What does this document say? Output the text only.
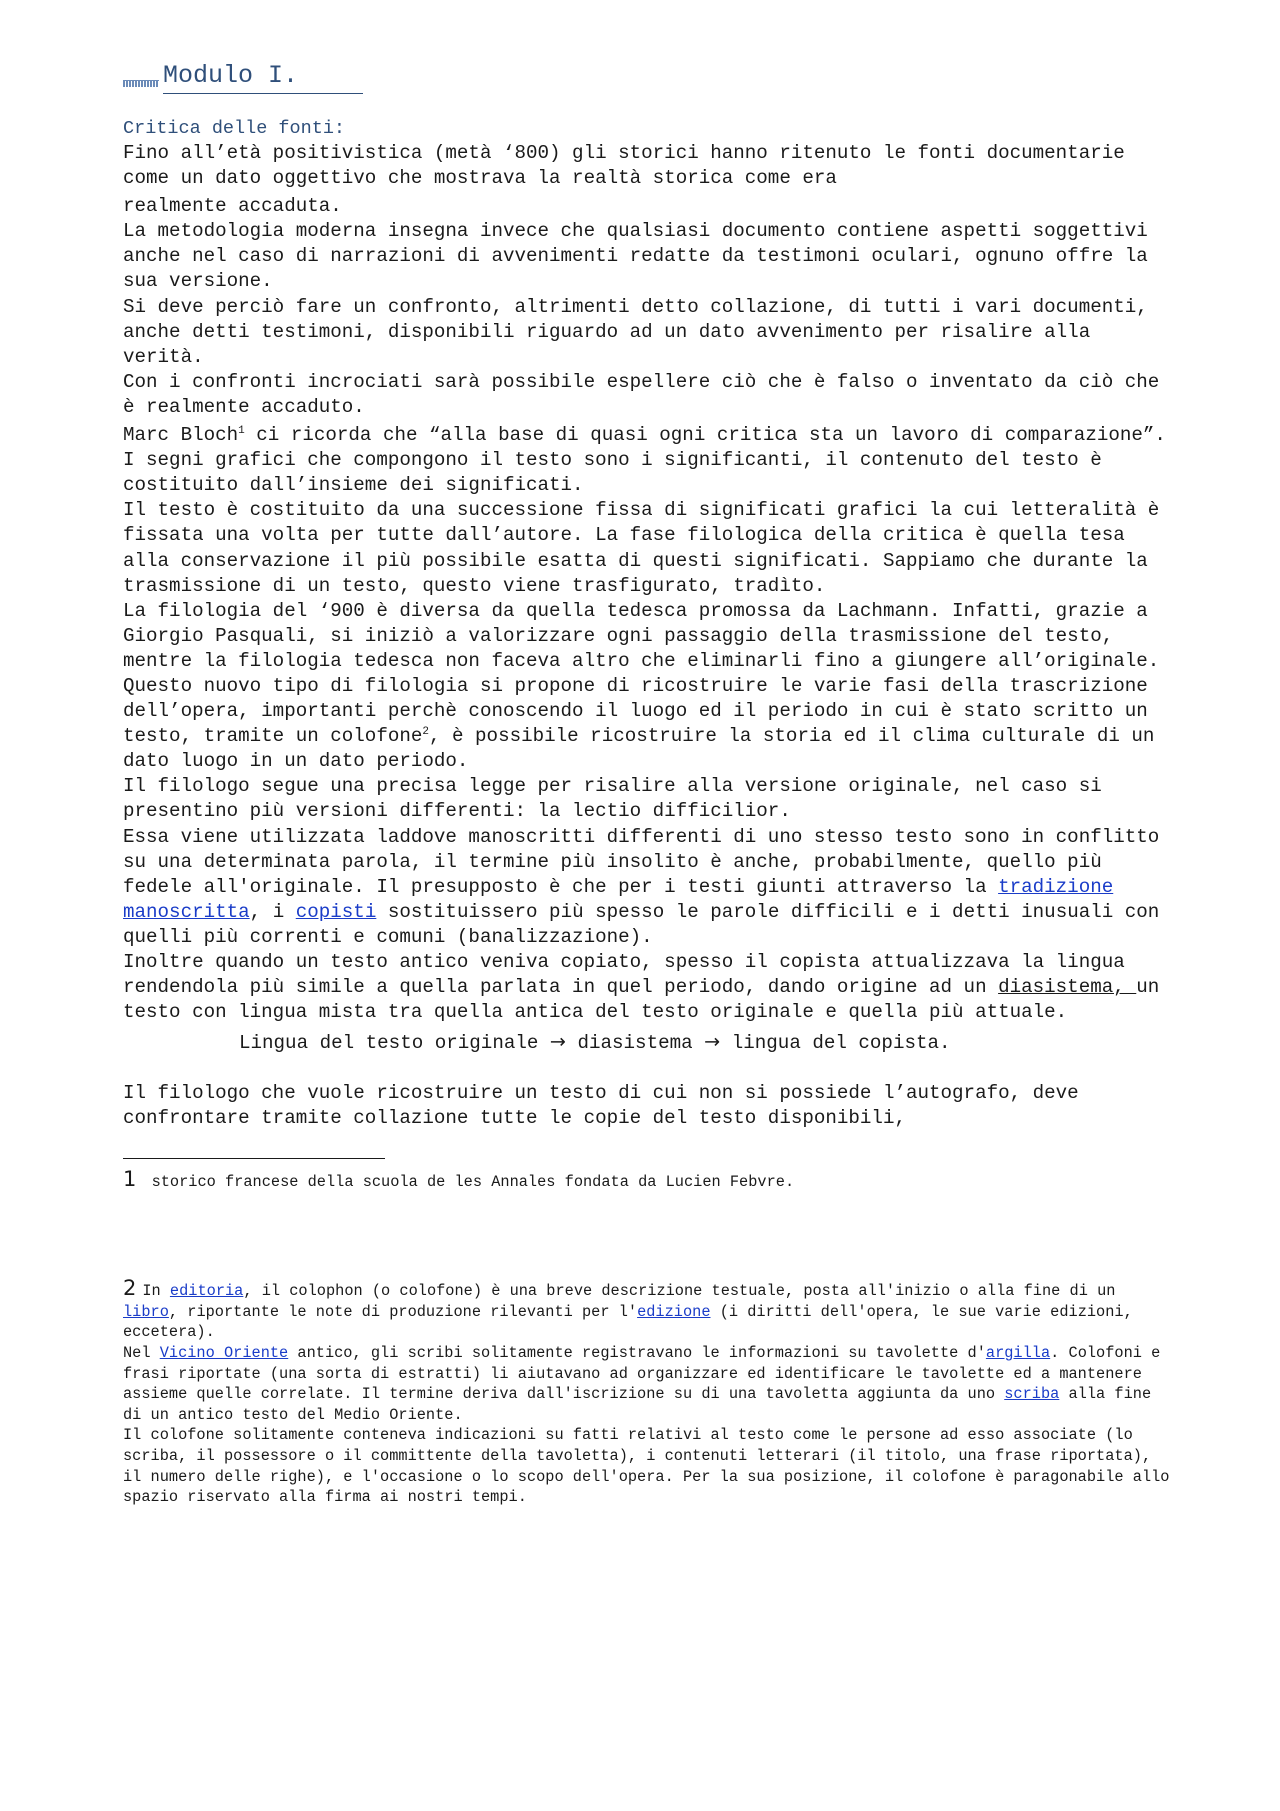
Modulo I.
Critica delle fonti:

Fino all’età positivistica (metà ‘800) gli storici hanno ritenuto le fonti documentarie come un dato oggettivo che mostrava la realtà storica come era

realmente accaduta.

La metodologia moderna insegna invece che qualsiasi documento contiene aspetti soggettivi anche nel caso di narrazioni di avvenimenti redatte da testimoni oculari, ognuno offre la sua versione.

Si deve perciò fare un confronto, altrimenti detto collazione, di tutti i vari documenti, anche detti testimoni, disponibili riguardo ad un dato avvenimento per risalire alla verità.

Con i confronti incrociati sarà possibile espellere ciò che è falso o inventato da ciò che è realmente accaduto.

Marc Bloch$^1$ ci ricorda che “alla base di quasi ogni critica sta un lavoro di comparazione”.

I segni grafici che compongono il testo sono i significanti, il contenuto del testo è costituito dall’insieme dei significati.

Il testo è costituito da una successione fissa di significati grafici la cui letteralità è fissata una volta per tutte dall’autore. La fase filologica della critica è quella tesa alla conservazione il più possibile esatta di questi significati. Sappiamo che durante la trasmissione di un testo, questo viene trasfigurato, tradìto.

La filologia del ‘900 è diversa da quella tedesca promossa da Lachmann. Infatti, grazie a Giorgio Pasquali, si iniziò a valorizzare ogni passaggio della trasmissione del testo, mentre la filologia tedesca non faceva altro che eliminarli fino a giungere all’originale. Questo nuovo tipo di filologia si propone di ricostruire le varie fasi della trascrizione dell’opera, importanti perchè conoscendo il luogo ed il periodo in cui è stato scritto un testo, tramite un colofone$^2$, è possibile ricostruire la storia ed il clima culturale di un dato luogo in un dato periodo.

Il filologo segue una precisa legge per risalire alla versione originale, nel caso si presentino più versioni differenti: la lectio difficilior.

Essa viene utilizzata laddove manoscritti differenti di uno stesso testo sono in conflitto su una determinata parola, il termine più insolito è anche, probabilmente, quello più fedele all'originale. Il presupposto è che per i testi giunti attraverso la tradizione manoscritta, i copisti sostituissero più spesso le parole difficili e i detti inusuali con quelli più correnti e comuni (banalizzazione).

Inoltre quando un testo antico veniva copiato, spesso il copista attualizzava la lingua rendendola più simile a quella parlata in quel periodo, dando origine ad un diasistema, un testo con lingua mista tra quella antica del testo originale e quella più attuale.

Lingua del testo originale → diasistema → lingua del copista.

Il filologo che vuole ricostruire un testo di cui non si possiede l’autografo, deve confrontare tramite collazione tutte le copie del testo disponibili,

1 storico francese della scuola de les Annales fondata da Lucien Febvre.

2 In editoria, il colophon (o colofone) è una breve descrizione testuale, posta all'inizio o alla fine di un libro, riportante le note di produzione rilevanti per l'edizione (i diritti dell'opera, le sue varie edizioni, eccetera).

Nel Vicino Oriente antico, gli scribi solitamente registravano le informazioni su tavolette d'argilla. Colofoni e frasi riportate (una sorta di estratti) li aiutavano ad organizzare ed identificare le tavolette ed a mantenere assieme quelle correlate. Il termine deriva dall'iscrizione su di una tavoletta aggiunta da uno scriba alla fine di un antico testo del Medio Oriente.

Il colofone solitamente conteneva indicazioni su fatti relativi al testo come le persone ad esso associate (lo scriba, il possessore o il committente della tavoletta), i contenuti letterari (il titolo, una frase riportata), il numero delle righe), e l'occasione o lo scopo dell'opera. Per la sua posizione, il colofone è paragonabile allo spazio riservato alla firma ai nostri tempi.
